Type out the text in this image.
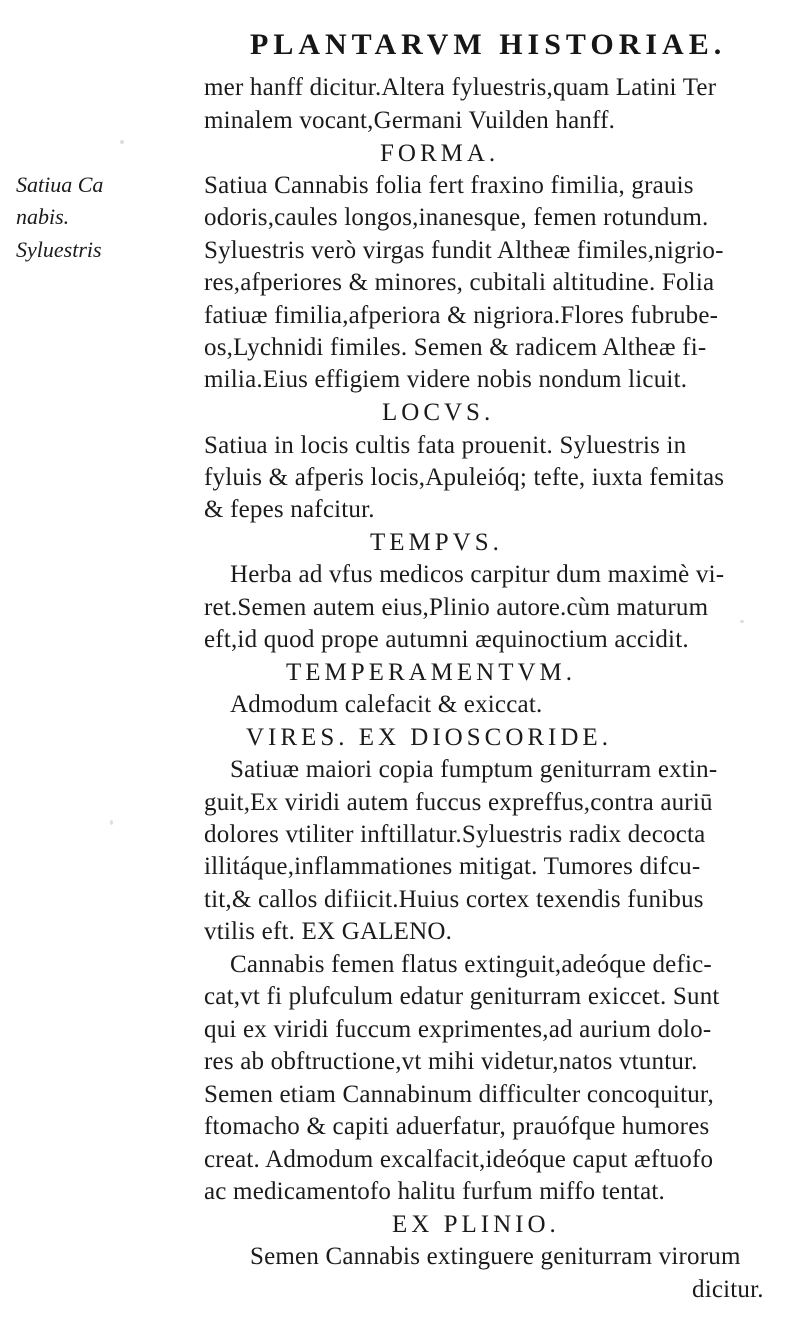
PLANTARVM HISTORIAE.
Satiua Ca
nabis.
Syluestris
mer hanff dicitur.Altera fyluestris,quam Latini Ter
minalem vocant,Germani Vuilden hanff.
FORMA.
Satiua Cannabis folia fert fraxino fimilia, grauis
odoris,caules longos,inanesque, femen rotundum.
Syluestris verò virgas fundit Altheæ fimiles,nigrio-
res,afperiores & minores, cubitali altitudine. Folia
fatiuæ fimilia,afperiora & nigriora.Flores fubrube-
os,Lychnidi fimiles. Semen & radicem Altheæ fi-
milia.Eius effigiem videre nobis nondum licuit.
LOCVS.
Satiua in locis cultis fata prouenit. Syluestris in
fyluis & afperis locis,Apuleióq; tefte, iuxta femitas
& fepes nafcitur.
TEMPVS.
Herba ad vfus medicos carpitur dum maximè vi-
ret.Semen autem eius,Plinio autore.cùm maturum
eft,id quod prope autumni æquinoctium accidit.
TEMPERAMENTVM.
Admodum calefacit & exiccat.
VIRES. EX DIOSCORIDE.
Satiuæ maiori copia fumptum geniturram extin-
guit,Ex viridi autem fuccus expreffus,contra auriū
dolores vtiliter inftillatur.Syluestris radix decocta
illitáque,inflammationes mitigat. Tumores difcu-
tit,& callos difiicit.Huius cortex texendis funibus
vtilis eft. EX GALENO.
Cannabis femen flatus extinguit,adeóque defic-
cat,vt fi plufculum edatur geniturram exiccet. Sunt
qui ex viridi fuccum exprimentes,ad aurium dolo-
res ab obftructione,vt mihi videtur,natos vtuntur.
Semen etiam Cannabinum difficulter concoquitur,
ftomacho & capiti aduerfatur, prauófque humores
creat. Admodum excalfacit,ideóque caput æftuofo
ac medicamentofo halitu furfum miffo tentat.
EX PLINIO.
Semen Cannabis extinguere geniturram virorum
dicitur.
